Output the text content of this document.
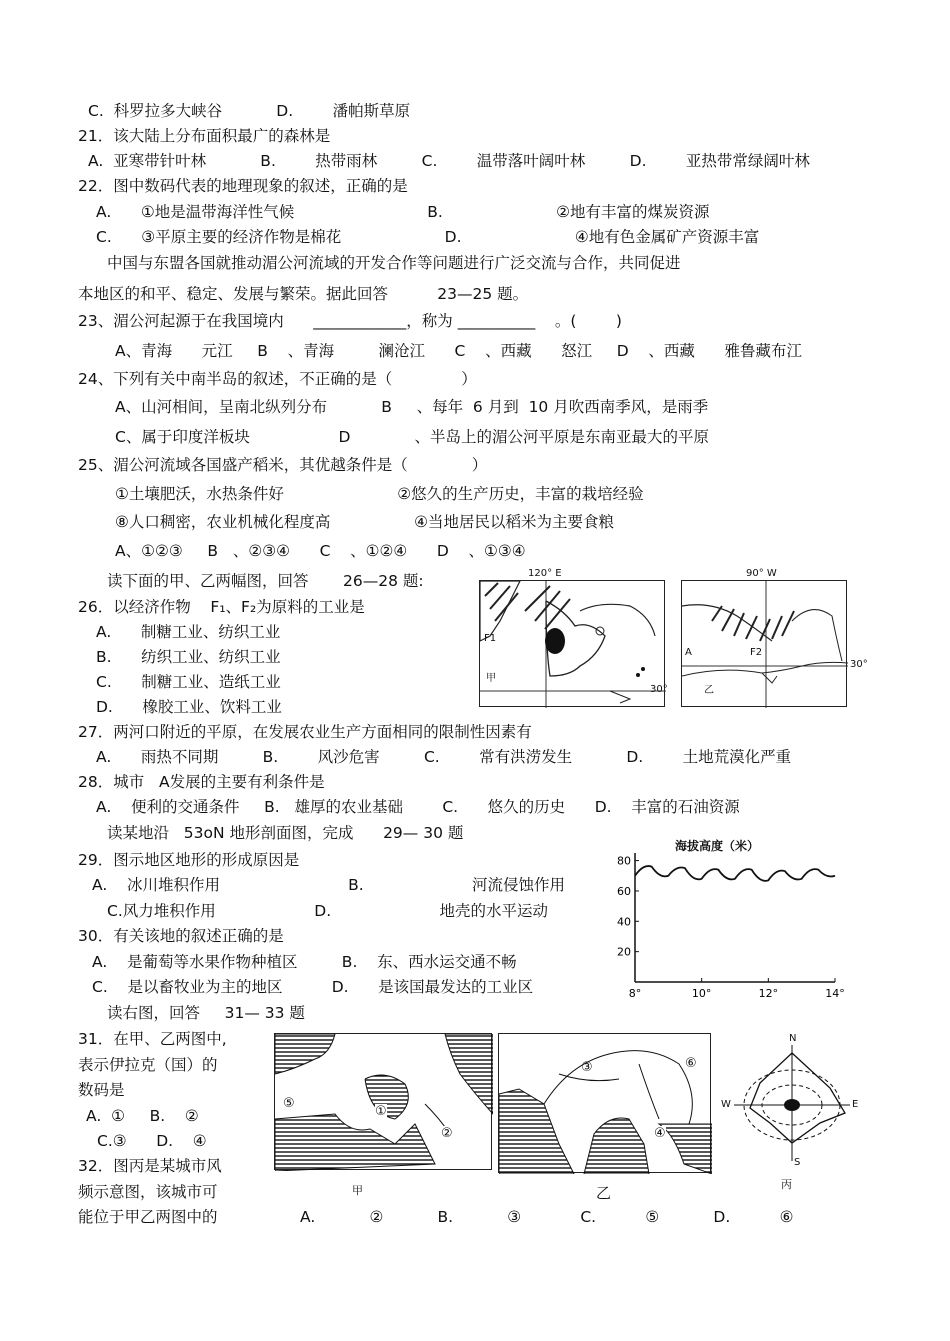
C.  科罗拉多大峡谷           D.        潘帕斯草原
21．该大陆上分布面积最广的森林是
A.  亚寒带针叶林           B.        热带雨林         C.        温带落叶阔叶林         D.        亚热带常绿阔叶林
22．图中数码代表的地理现象的叙述，正确的是
A.      ①地是温带海洋性气候                           B.                       ②地有丰富的煤炭资源
C.      ③平原主要的经济作物是棉花                     D.                       ④地有色金属矿产资源丰富
中国与东盟各国就推动湄公河流域的开发合作等问题进行广泛交流与合作，共同促进
本地区的和平、稳定、发展与繁荣。据此回答          23—25 题。
23、湄公河起源于在我国境内      ____________，称为 __________    。(        )
A、青海      元江     B    、青海         澜沧江      C    、西藏      怒江     D    、西藏      雅鲁藏布江
24、下列有关中南半岛的叙述，不正确的是（              ）
A、山河相间，呈南北纵列分布           B     、每年  6 月到  10 月吹西南季风，是雨季
C、属于印度洋板块                  D             、半岛上的湄公河平原是东南亚最大的平原
25、湄公河流域各国盛产稻米，其优越条件是（             ）
①土壤肥沃，水热条件好                       ②悠久的生产历史，丰富的栽培经验
⑧人口稠密，农业机械化程度高                 ④当地居民以稻米为主要食粮
A、①②③     B   、②③④      C    、①②④      D    、①③④
读下面的甲、乙两幅图，回答       26—28 题:
26．以经济作物    F₁、F₂为原料的工业是
A.      制糖工业、纺织工业
B.      纺织工业、纺织工业
C.      制糖工业、造纸工业
D.      橡胶工业、饮料工业
27．两河口附近的平原，在发展农业生产方面相同的限制性因素有
A.      雨热不同期         B.        风沙危害         C.        常有洪涝发生           D.        土地荒漠化严重
28．城市   A发展的主要有利条件是
A.    便利的交通条件     B.   雄厚的农业基础        C.      悠久的历史      D.    丰富的石油资源
读某地沿   53oN 地形剖面图，完成      29— 30 题
29．图示地区地形的形成原因是
A.    冰川堆积作用                          B.                      河流侵蚀作用
C.风力堆积作用                    D.                      地壳的水平运动
30．有关该地的叙述正确的是
A.    是葡萄等水果作物种植区         B.    东、西水运交通不畅
C.    是以畜牧业为主的地区          D.      是该国最发达的工业区
读右图，回答     31— 33 题
31．在甲、乙两图中,
表示伊拉克（国）的
数码是
A.  ①     B.    ②
C.③      D.    ④
32．图丙是某城市风
频示意图，该城市可
能位于甲乙两图中的	A.           ②           B.           ③            C.          ⑤           D.          ⑥
120° E
F1
甲
30°
90° W
F2
A
乙
30°
海拔高度（米）
80
60
40
20
8°	10°	12°	14°
⑤
①
②
甲
③	⑥
④
乙
N
S
W	E
丙
